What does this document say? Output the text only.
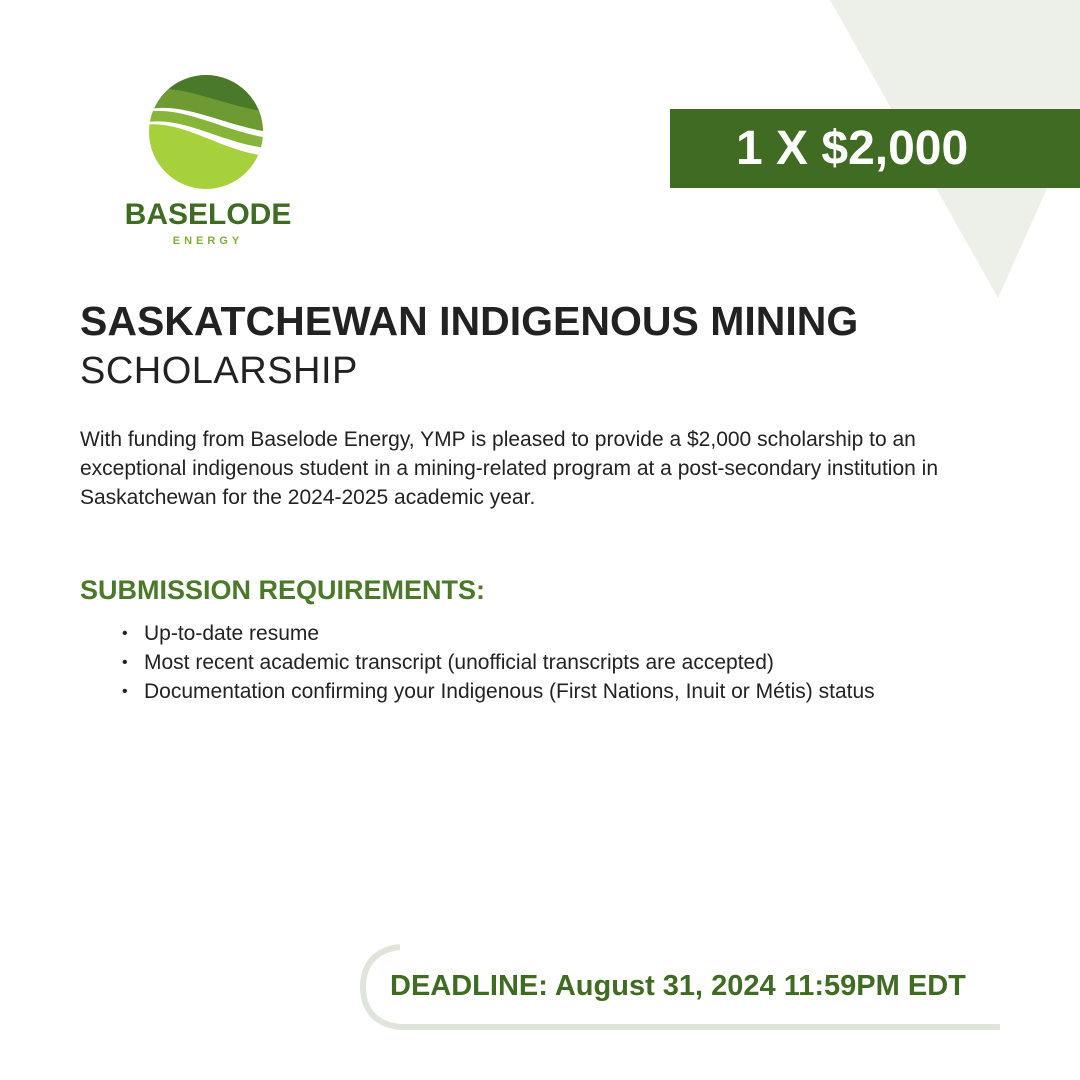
BASELODE
ENERGY
1 X $2,000
SASKATCHEWAN INDIGENOUS MINING
SCHOLARSHIP
With funding from Baselode Energy, YMP is pleased to provide a $2,000 scholarship to an exceptional indigenous student in a mining-related program at a post-secondary institution in Saskatchewan for the 2024-2025 academic year.
SUBMISSION REQUIREMENTS:
• Up-to-date resume
• Most recent academic transcript (unofficial transcripts are accepted)
• Documentation confirming your Indigenous (First Nations, Inuit or Métis) status
DEADLINE: August 31, 2024 11:59PM EDT
